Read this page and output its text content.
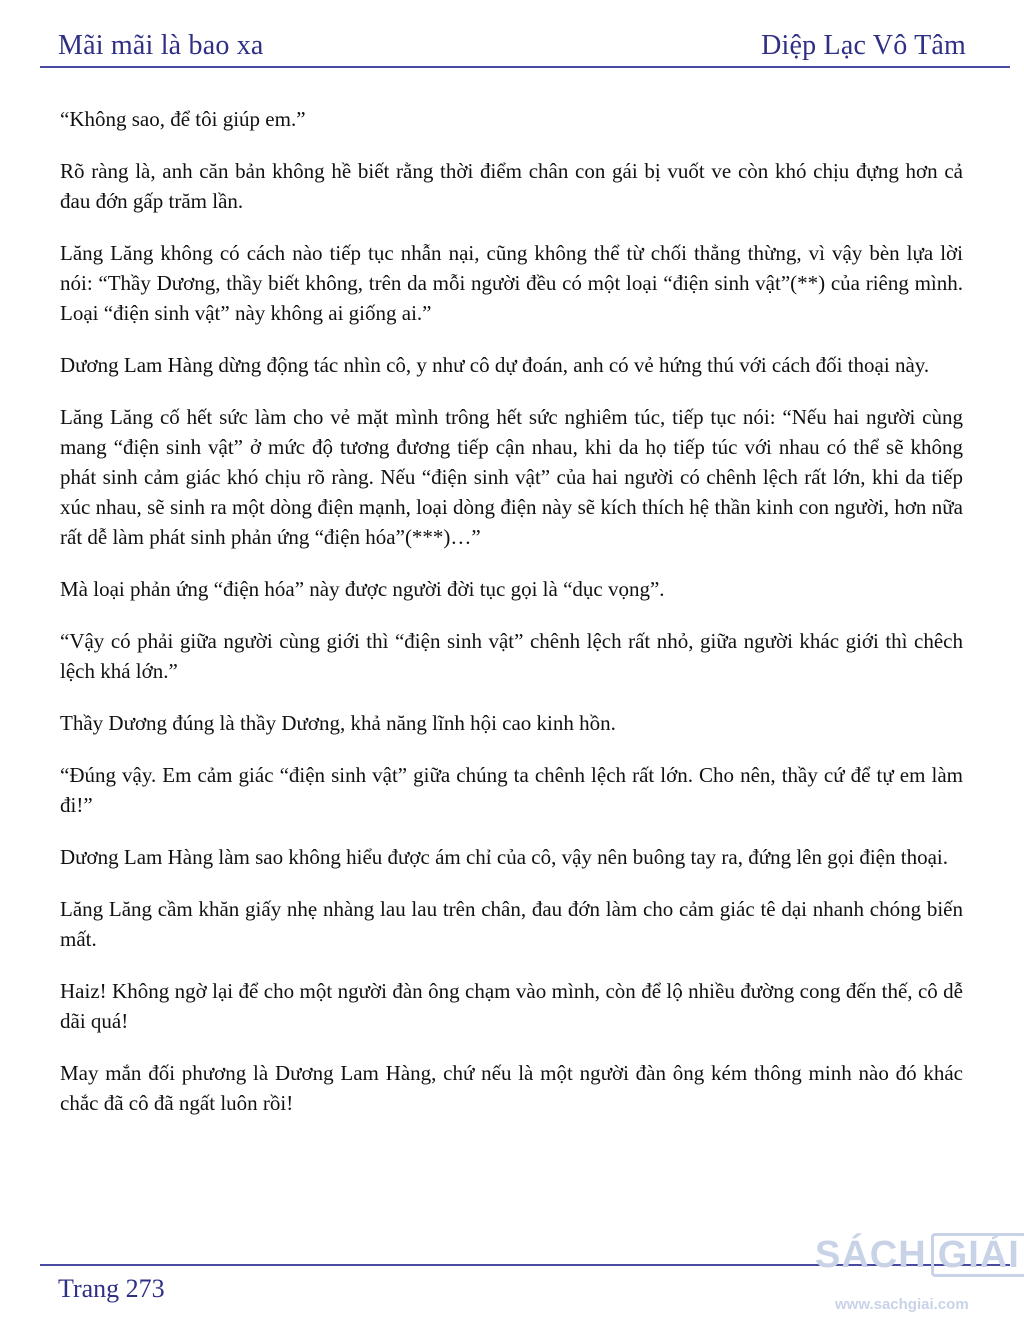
Mãi mãi là bao xa	Diệp Lạc Vô Tâm

“Không sao, để tôi giúp em.”

Rõ ràng là, anh căn bản không hề biết rằng thời điểm chân con gái bị vuốt ve còn khó chịu đựng hơn cả đau đớn gấp trăm lần.

Lăng Lăng không có cách nào tiếp tục nhẫn nại, cũng không thể từ chối thẳng thừng, vì vậy bèn lựa lời nói: “Thầy Dương, thầy biết không, trên da mỗi người đều có một loại “điện sinh vật”(**) của riêng mình. Loại “điện sinh vật” này không ai giống ai.”

Dương Lam Hàng dừng động tác nhìn cô, y như cô dự đoán, anh có vẻ hứng thú với cách đối thoại này.

Lăng Lăng cố hết sức làm cho vẻ mặt mình trông hết sức nghiêm túc, tiếp tục nói: “Nếu hai người cùng mang “điện sinh vật” ở mức độ tương đương tiếp cận nhau, khi da họ tiếp túc với nhau có thể sẽ không phát sinh cảm giác khó chịu rõ ràng. Nếu “điện sinh vật” của hai người có chênh lệch rất lớn, khi da tiếp xúc nhau, sẽ sinh ra một dòng điện mạnh, loại dòng điện này sẽ kích thích hệ thần kinh con người, hơn nữa rất dễ làm phát sinh phản ứng “điện hóa”(***)…”

Mà loại phản ứng “điện hóa” này được người đời tục gọi là “dục vọng”.

“Vậy có phải giữa người cùng giới thì “điện sinh vật” chênh lệch rất nhỏ, giữa người khác giới thì chêch lệch khá lớn.”

Thầy Dương đúng là thầy Dương, khả năng lĩnh hội cao kinh hồn.

“Đúng vậy. Em cảm giác “điện sinh vật” giữa chúng ta chênh lệch rất lớn. Cho nên, thầy cứ để tự em làm đi!”

Dương Lam Hàng làm sao không hiểu được ám chỉ của cô, vậy nên buông tay ra, đứng lên gọi điện thoại.

Lăng Lăng cầm khăn giấy nhẹ nhàng lau lau trên chân, đau đớn làm cho cảm giác tê dại nhanh chóng biến mất.

Haiz! Không ngờ lại để cho một người đàn ông chạm vào mình, còn để lộ nhiều đường cong đến thế, cô dễ dãi quá!

May mắn đối phương là Dương Lam Hàng, chứ nếu là một người đàn ông kém thông minh nào đó khác chắc đã cô đã ngất luôn rồi!

Trang 273
SÁCH GIẢI
www.sachgiai.com
